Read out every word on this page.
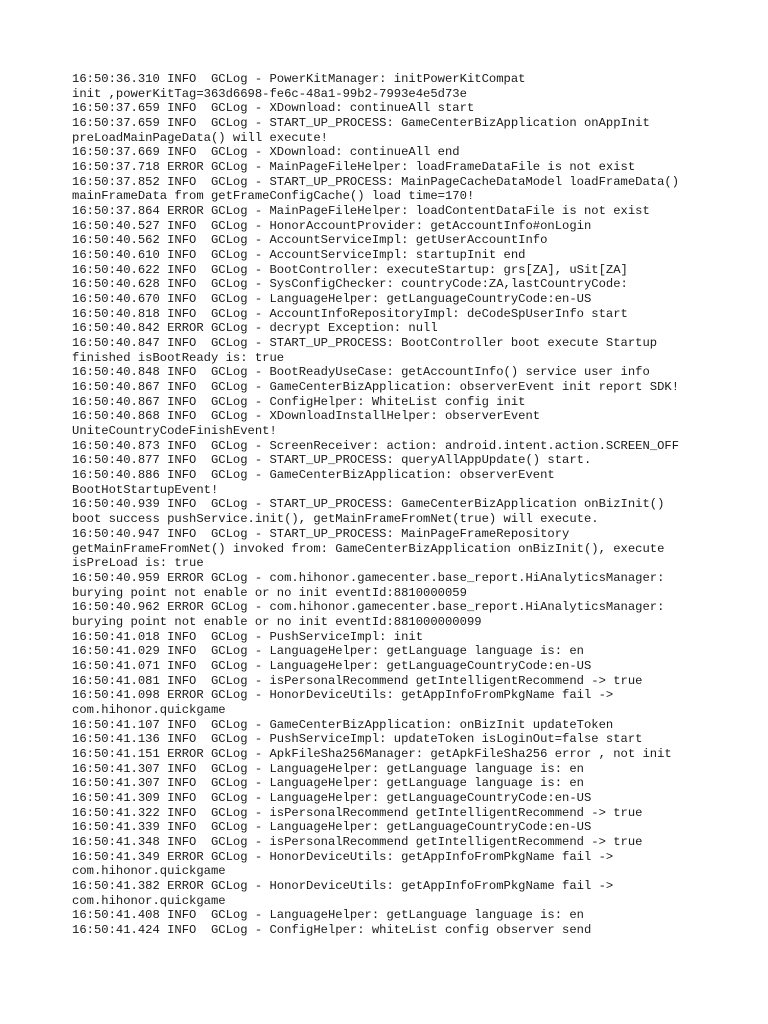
16:50:36.310 INFO  GCLog - PowerKitManager: initPowerKitCompat
init ,powerKitTag=363d6698-fe6c-48a1-99b2-7993e4e5d73e
16:50:37.659 INFO  GCLog - XDownload: continueAll start
16:50:37.659 INFO  GCLog - START_UP_PROCESS: GameCenterBizApplication onAppInit
preLoadMainPageData() will execute!
16:50:37.669 INFO  GCLog - XDownload: continueAll end
16:50:37.718 ERROR GCLog - MainPageFileHelper: loadFrameDataFile is not exist
16:50:37.852 INFO  GCLog - START_UP_PROCESS: MainPageCacheDataModel loadFrameData()
mainFrameData from getFrameConfigCache() load time=170!
16:50:37.864 ERROR GCLog - MainPageFileHelper: loadContentDataFile is not exist
16:50:40.527 INFO  GCLog - HonorAccountProvider: getAccountInfo#onLogin
16:50:40.562 INFO  GCLog - AccountServiceImpl: getUserAccountInfo
16:50:40.610 INFO  GCLog - AccountServiceImpl: startupInit end
16:50:40.622 INFO  GCLog - BootController: executeStartup: grs[ZA], uSit[ZA]
16:50:40.628 INFO  GCLog - SysConfigChecker: countryCode:ZA,lastCountryCode:
16:50:40.670 INFO  GCLog - LanguageHelper: getLanguageCountryCode:en-US
16:50:40.818 INFO  GCLog - AccountInfoRepositoryImpl: deCodeSpUserInfo start
16:50:40.842 ERROR GCLog - decrypt Exception: null
16:50:40.847 INFO  GCLog - START_UP_PROCESS: BootController boot execute Startup
finished isBootReady is: true
16:50:40.848 INFO  GCLog - BootReadyUseCase: getAccountInfo() service user info
16:50:40.867 INFO  GCLog - GameCenterBizApplication: observerEvent init report SDK!
16:50:40.867 INFO  GCLog - ConfigHelper: WhiteList config init
16:50:40.868 INFO  GCLog - XDownloadInstallHelper: observerEvent
UniteCountryCodeFinishEvent!
16:50:40.873 INFO  GCLog - ScreenReceiver: action: android.intent.action.SCREEN_OFF
16:50:40.877 INFO  GCLog - START_UP_PROCESS: queryAllAppUpdate() start.
16:50:40.886 INFO  GCLog - GameCenterBizApplication: observerEvent
BootHotStartupEvent!
16:50:40.939 INFO  GCLog - START_UP_PROCESS: GameCenterBizApplication onBizInit()
boot success pushService.init(), getMainFrameFromNet(true) will execute.
16:50:40.947 INFO  GCLog - START_UP_PROCESS: MainPageFrameRepository
getMainFrameFromNet() invoked from: GameCenterBizApplication onBizInit(), execute
isPreLoad is: true
16:50:40.959 ERROR GCLog - com.hihonor.gamecenter.base_report.HiAnalyticsManager:
burying point not enable or no init eventId:8810000059
16:50:40.962 ERROR GCLog - com.hihonor.gamecenter.base_report.HiAnalyticsManager:
burying point not enable or no init eventId:881000000099
16:50:41.018 INFO  GCLog - PushServiceImpl: init
16:50:41.029 INFO  GCLog - LanguageHelper: getLanguage language is: en
16:50:41.071 INFO  GCLog - LanguageHelper: getLanguageCountryCode:en-US
16:50:41.081 INFO  GCLog - isPersonalRecommend getIntelligentRecommend -> true
16:50:41.098 ERROR GCLog - HonorDeviceUtils: getAppInfoFromPkgName fail ->
com.hihonor.quickgame
16:50:41.107 INFO  GCLog - GameCenterBizApplication: onBizInit updateToken
16:50:41.136 INFO  GCLog - PushServiceImpl: updateToken isLoginOut=false start
16:50:41.151 ERROR GCLog - ApkFileSha256Manager: getApkFileSha256 error , not init
16:50:41.307 INFO  GCLog - LanguageHelper: getLanguage language is: en
16:50:41.307 INFO  GCLog - LanguageHelper: getLanguage language is: en
16:50:41.309 INFO  GCLog - LanguageHelper: getLanguageCountryCode:en-US
16:50:41.322 INFO  GCLog - isPersonalRecommend getIntelligentRecommend -> true
16:50:41.339 INFO  GCLog - LanguageHelper: getLanguageCountryCode:en-US
16:50:41.348 INFO  GCLog - isPersonalRecommend getIntelligentRecommend -> true
16:50:41.349 ERROR GCLog - HonorDeviceUtils: getAppInfoFromPkgName fail ->
com.hihonor.quickgame
16:50:41.382 ERROR GCLog - HonorDeviceUtils: getAppInfoFromPkgName fail ->
com.hihonor.quickgame
16:50:41.408 INFO  GCLog - LanguageHelper: getLanguage language is: en
16:50:41.424 INFO  GCLog - ConfigHelper: whiteList config observer send
